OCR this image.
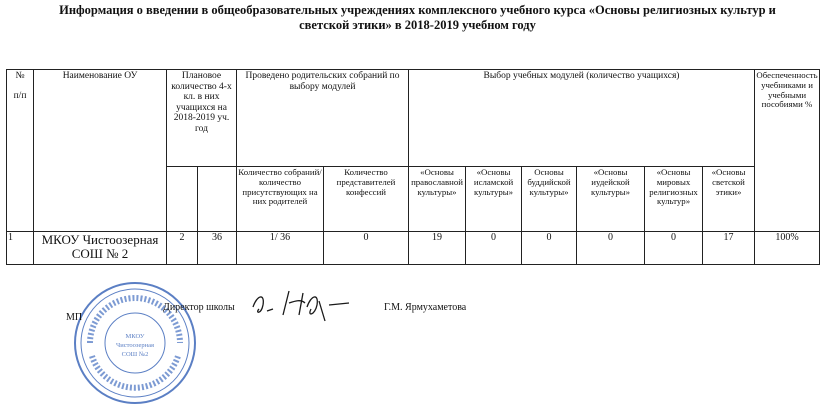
Информация о введении в общеобразовательных учреждениях комплексного учебного курса «Основы религиозных культур и
светской этики» в 2018-2019 учебном году
№
п/п	Наименование ОУ	Плановое количество 4-х кл. в них учащихся на 2018-2019 уч. год		Проведено родительских собраний по выбору модулей		Выбор учебных модулей (количество учащихся)						Обеспеченность учебниками и учебными пособиями %
				Количество собраний/ количество присутствующих на них родителей	Количество представителей конфессий	«Основы православной культуры»	«Основы исламской культуры»	Основы буддийской культуры»	«Основы иудейской культуры»	«Основы мировых религиозных культур»	«Основы светской этики»	
1	МКОУ Чистоозерная СОШ № 2	2	36	1/ 36	0	19	0	0	0	0	17	100%
МКОУ
Чистоозерная
СОШ №2
МП
Директор школы	Г.М. Ярмухаметова
